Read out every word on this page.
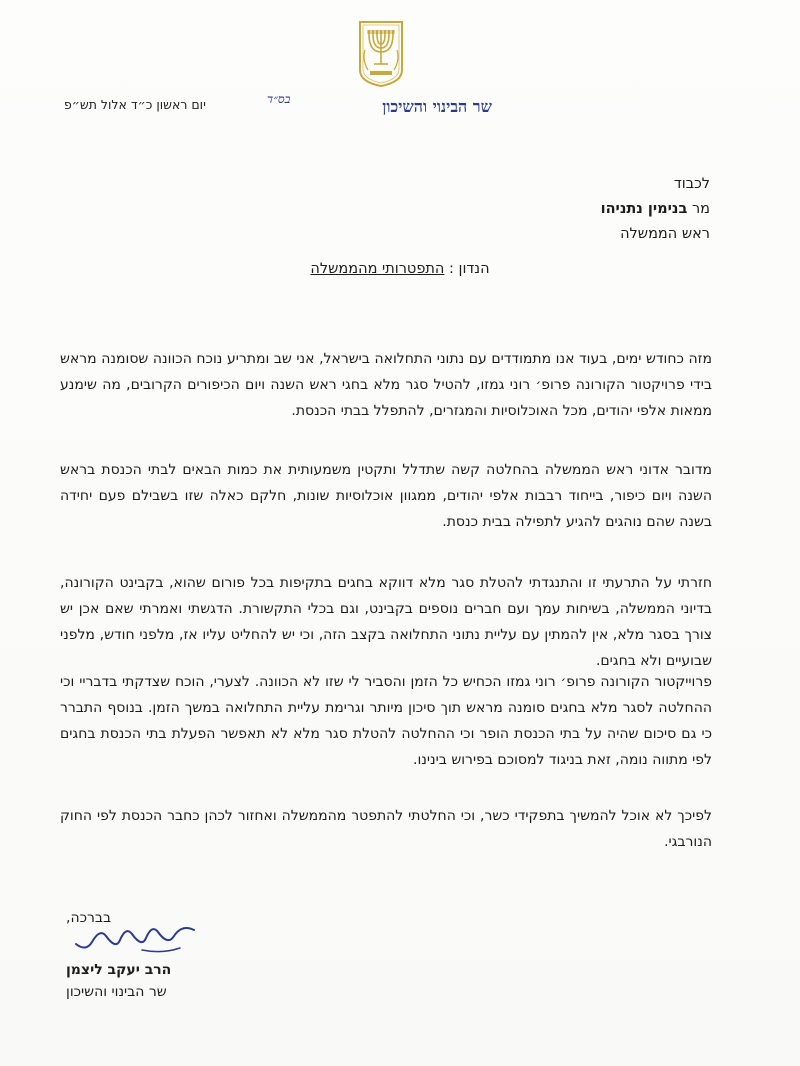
שר הבינוי והשיכון
בס״ד
יום ראשון כ״ד אלול תש״פ
לכבוד
מר בנימין נתניהו
ראש הממשלה
הנדון : התפטרותי מהממשלה
מזה כחודש ימים, בעוד אנו מתמודדים עם נתוני התחלואה בישראל, אני שב ומתריע נוכח הכוונה שסומנה מראש בידי פרויקטור הקורונה פרופ׳ רוני גמזו, להטיל סגר מלא בחגי ראש השנה ויום הכיפורים הקרובים, מה שימנע ממאות אלפי יהודים, מכל האוכלוסיות והמגזרים, להתפלל בבתי הכנסת.
מדובר אדוני ראש הממשלה בהחלטה קשה שתדלל ותקטין משמעותית את כמות הבאים לבתי הכנסת בראש השנה ויום כיפור, בייחוד רבבות אלפי יהודים, ממגוון אוכלוסיות שונות, חלקם כאלה שזו בשבילם פעם יחידה בשנה שהם נוהגים להגיע לתפילה בבית כנסת.
חזרתי על התרעתי זו והתנגדתי להטלת סגר מלא דווקא בחגים בתקיפות בכל פורום שהוא, בקבינט הקורונה, בדיוני הממשלה, בשיחות עמך ועם חברים נוספים בקבינט, וגם בכלי התקשורת. הדגשתי ואמרתי שאם אכן יש צורך בסגר מלא, אין להמתין עם עליית נתוני התחלואה בקצב הזה, וכי יש להחליט עליו אז, מלפני חודש, מלפני שבועיים ולא בחגים.
פרוייקטור הקורונה פרופ׳ רוני גמזו הכחיש כל הזמן והסביר לי שזו לא הכוונה. לצערי, הוכח שצדקתי בדבריי וכי ההחלטה לסגר מלא בחגים סומנה מראש תוך סיכון מיותר וגרימת עליית התחלואה במשך הזמן. בנוסף התברר כי גם סיכום שהיה על בתי הכנסת הופר וכי ההחלטה להטלת סגר מלא לא תאפשר הפעלת בתי הכנסת בחגים לפי מתווה נומה, זאת בניגוד למסוכם בפירוש בינינו.
לפיכך לא אוכל להמשיך בתפקידי כשר, וכי החלטתי להתפטר מהממשלה ואחזור לכהן כחבר הכנסת לפי החוק הנורבגי.
בברכה,
הרב יעקב ליצמן
שר הבינוי והשיכון
